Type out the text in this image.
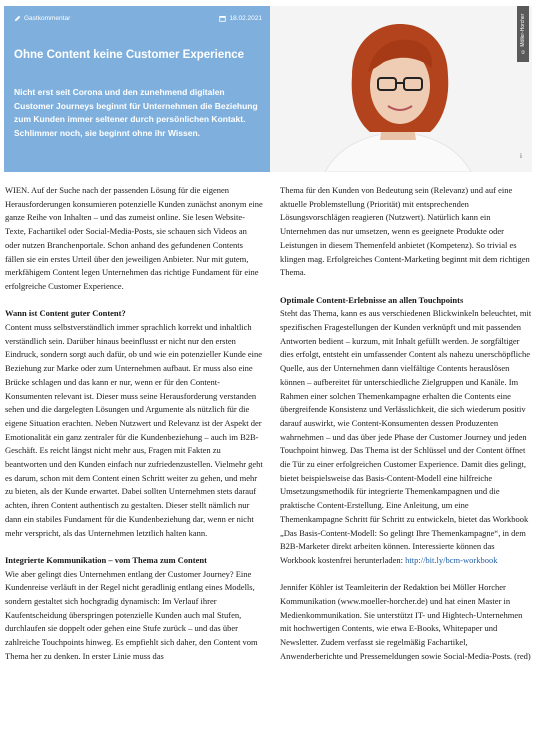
Gastkommentar	18.02.2021
Ohne Content keine Customer Experience

Nicht erst seit Corona und den zunehmend digitalen Customer Journeys beginnt für Unternehmen die Beziehung zum Kunden immer seltener durch persönlichen Kontakt. Schlimmer noch, sie beginnt ohne ihr Wissen.

© Möller-Horcher
i

WIEN. Auf der Suche nach der passenden Lösung für die eigenen Herausforderungen konsumieren potenzielle Kunden zunächst anonym eine ganze Reihe von Inhalten – und das zumeist online. Sie lesen Website-Texte, Fachartikel oder Social-Media-Posts, sie schauen sich Videos an oder nutzen Branchenportale. Schon anhand des gefundenen Contents fällen sie ein erstes Urteil über den jeweiligen Anbieter. Nur mit gutem, merkfähigem Content legen Unternehmen das richtige Fundament für eine erfolgreiche Customer Experience.

Wann ist Content guter Content?

Content muss selbstverständlich immer sprachlich korrekt und inhaltlich verständlich sein. Darüber hinaus beeinflusst er nicht nur den ersten Eindruck, sondern sorgt auch dafür, ob und wie ein potenzieller Kunde eine Beziehung zur Marke oder zum Unternehmen aufbaut. Er muss also eine Brücke schlagen und das kann er nur, wenn er für den Content-Konsumenten relevant ist. Dieser muss seine Herausforderung verstanden sehen und die dargelegten Lösungen und Argumente als nützlich für die eigene Situation erachten. Neben Nutzwert und Relevanz ist der Aspekt der Emotionalität ein ganz zentraler für die Kundenbeziehung – auch im B2B-Geschäft. Es reicht längst nicht mehr aus, Fragen mit Fakten zu beantworten und den Kunden einfach nur zufriedenzustellen. Vielmehr geht es darum, schon mit dem Content einen Schritt weiter zu gehen, und mehr zu bieten, als der Kunde erwartet. Dabei sollten Unternehmen stets darauf achten, ihren Content authentisch zu gestalten. Dieser stellt nämlich nur dann ein stabiles Fundament für die Kundenbeziehung dar, wenn er nicht mehr verspricht, als das Unternehmen letztlich halten kann.

Integrierte Kommunikation – vom Thema zum Content

Wie aber gelingt dies Unternehmen entlang der Customer Journey? Eine Kundenreise verläuft in der Regel nicht geradlinig entlang eines Modells, sondern gestaltet sich hochgradig dynamisch: Im Verlauf ihrer Kaufentscheidung überspringen potenzielle Kunden auch mal Stufen, durchlaufen sie doppelt oder gehen eine Stufe zurück – und das über zahlreiche Touchpoints hinweg. Es empfiehlt sich daher, den Content vom Thema her zu denken. In erster Linie muss das

Thema für den Kunden von Bedeutung sein (Relevanz) und auf eine aktuelle Problemstellung (Priorität) mit entsprechenden Lösungsvorschlägen reagieren (Nutzwert). Natürlich kann ein Unternehmen das nur umsetzen, wenn es geeignete Produkte oder Leistungen in diesem Themenfeld anbietet (Kompetenz). So trivial es klingen mag. Erfolgreiches Content-Marketing beginnt mit dem richtigen Thema.

Optimale Content-Erlebnisse an allen Touchpoints

Steht das Thema, kann es aus verschiedenen Blickwinkeln beleuchtet, mit spezifischen Fragestellungen der Kunden verknüpft und mit passenden Antworten bedient – kurzum, mit Inhalt gefüllt werden. Je sorgfältiger dies erfolgt, entsteht ein umfassender Content als nahezu unerschöpfliche Quelle, aus der Unternehmen dann vielfältige Contents herauslösen können – aufbereitet für unterschiedliche Zielgruppen und Kanäle. Im Rahmen einer solchen Themenkampagne erhalten die Contents eine übergreifende Konsistenz und Verlässlichkeit, die sich wiederum positiv darauf auswirkt, wie Content-Konsumenten dessen Produzenten wahrnehmen – und das über jede Phase der Customer Journey und jeden Touchpoint hinweg. Das Thema ist der Schlüssel und der Content öffnet die Tür zu einer erfolgreichen Customer Experience. Damit dies gelingt, bietet beispielsweise das Basis-Content-Modell eine hilfreiche Umsetzungsmethodik für integrierte Themenkampagnen und die praktische Content-Erstellung. Eine Anleitung, um eine Themenkampagne Schritt für Schritt zu entwickeln, bietet das Workbook „Das Basis-Content-Modell: So gelingt Ihre Themenkampagne“, in dem B2B-Marketer direkt arbeiten können. Interessierte können das Workbook kostenfrei herunterladen: http://bit.ly/bcm-workbook

Jennifer Köhler ist Teamleiterin der Redaktion bei Möller Horcher Kommunikation (www.moeller-horcher.de) und hat einen Master in Medienkommunikation. Sie unterstützt IT- und Hightech-Unternehmen mit hochwertigen Contents, wie etwa E-Books, Whitepaper und Newsletter. Zudem verfasst sie regelmäßig Fachartikel, Anwenderberichte und Pressemeldungen sowie Social-Media-Posts. (red)
